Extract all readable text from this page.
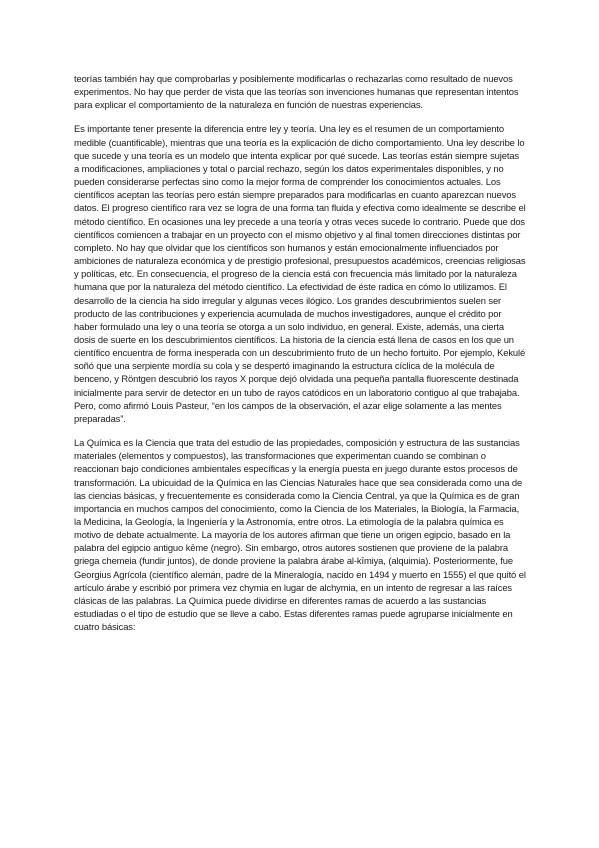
teorías también hay que comprobarlas y posiblemente modificarlas o rechazarlas como resultado de nuevos experimentos. No hay que perder de vista que las teorías son invenciones humanas que representan intentos para explicar el comportamiento de la naturaleza en función de nuestras experiencias.

Es importante tener presente la diferencia entre ley y teoría. Una ley es el resumen de un comportamiento medible (cuantificable), mientras que una teoría es la explicación de dicho comportamiento. Una ley describe lo que sucede y una teoría es un modelo que intenta explicar por qué sucede. Las teorías están siempre sujetas a modificaciones, ampliaciones y total o parcial rechazo, según los datos experimentales disponibles, y no pueden considerarse perfectas sino como la mejor forma de comprender los conocimientos actuales. Los científicos aceptan las teorías pero están siempre preparados para modificarlas en cuanto aparezcan nuevos datos. El progreso científico rara vez se logra de una forma tan fluida y efectiva como idealmente se describe el método científico. En ocasiones una ley precede a una teoría y otras veces sucede lo contrario. Puede que dos científicos comiencen a trabajar en un proyecto con el mismo objetivo y al final tomen direcciones distintas por completo. No hay que olvidar que los científicos son humanos y están emocionalmente influenciados por ambiciones de naturaleza económica y de prestigio profesional, presupuestos académicos, creencias religiosas y políticas, etc. En consecuencia, el progreso de la ciencia está con frecuencia más limitado por la naturaleza humana que por la naturaleza del método científico. La efectividad de éste radica en cómo lo utilizamos. El desarrollo de la ciencia ha sido irregular y algunas veces ilógico. Los grandes descubrimientos suelen ser producto de las contribuciones y experiencia acumulada de muchos investigadores, aunque el crédito por haber formulado una ley o una teoría se otorga a un solo individuo, en general. Existe, además, una cierta dosis de suerte en los descubrimientos científicos. La historia de la ciencia está llena de casos en los que un científico encuentra de forma inesperada con un descubrimiento fruto de un hecho fortuito. Por ejemplo, Kekulé soñó que una serpiente mordía su cola y se despertó imaginando la estructura cíclica de la molécula de benceno, y Röntgen descubrió los rayos X porque dejó olvidada una pequeña pantalla fluorescente destinada inicialmente para servir de detector en un tubo de rayos catódicos en un laboratorio contiguo al que trabajaba. Pero, como afirmó Louis Pasteur, “en los campos de la observación, el azar elige solamente a las mentes preparadas”.

La Química es la Ciencia que trata del estudio de las propiedades, composición y estructura de las sustancias materiales (elementos y compuestos), las transformaciones que experimentan cuando se combinan o reaccionan bajo condiciones ambientales específicas y la energía puesta en juego durante estos procesos de transformación. La ubicuidad de la Química en las Ciencias Naturales hace que sea considerada como una de las ciencias básicas, y frecuentemente es considerada como la Ciencia Central, ya que la Química es de gran importancia en muchos campos del conocimiento, como la Ciencia de los Materiales, la Biología, la Farmacia, la Medicina, la Geología, la Ingeniería y la Astronomía, entre otros. La etimología de la palabra química es motivo de debate actualmente. La mayoría de los autores afirman que tiene un origen egipcio, basado en la palabra del egipcio antiguo kēme (negro). Sin embargo, otros autores sostienen que proviene de la palabra griega chemeia (fundir juntos), de donde proviene la palabra árabe al-kīmiya, (alquimia). Posteriormente, fue Georgius Agrícola (científico alemán, padre de la Mineralogía, nacido en 1494 y muerto en 1555) el que quitó el artículo árabe y escribió por primera vez chymia en lugar de alchymia, en un intento de regresar a las raíces clásicas de las palabras. La Química puede dividirse en diferentes ramas de acuerdo a las sustancias estudiadas o el tipo de estudio que se lleve a cabo. Estas diferentes ramas puede agruparse inicialmente en cuatro básicas:
